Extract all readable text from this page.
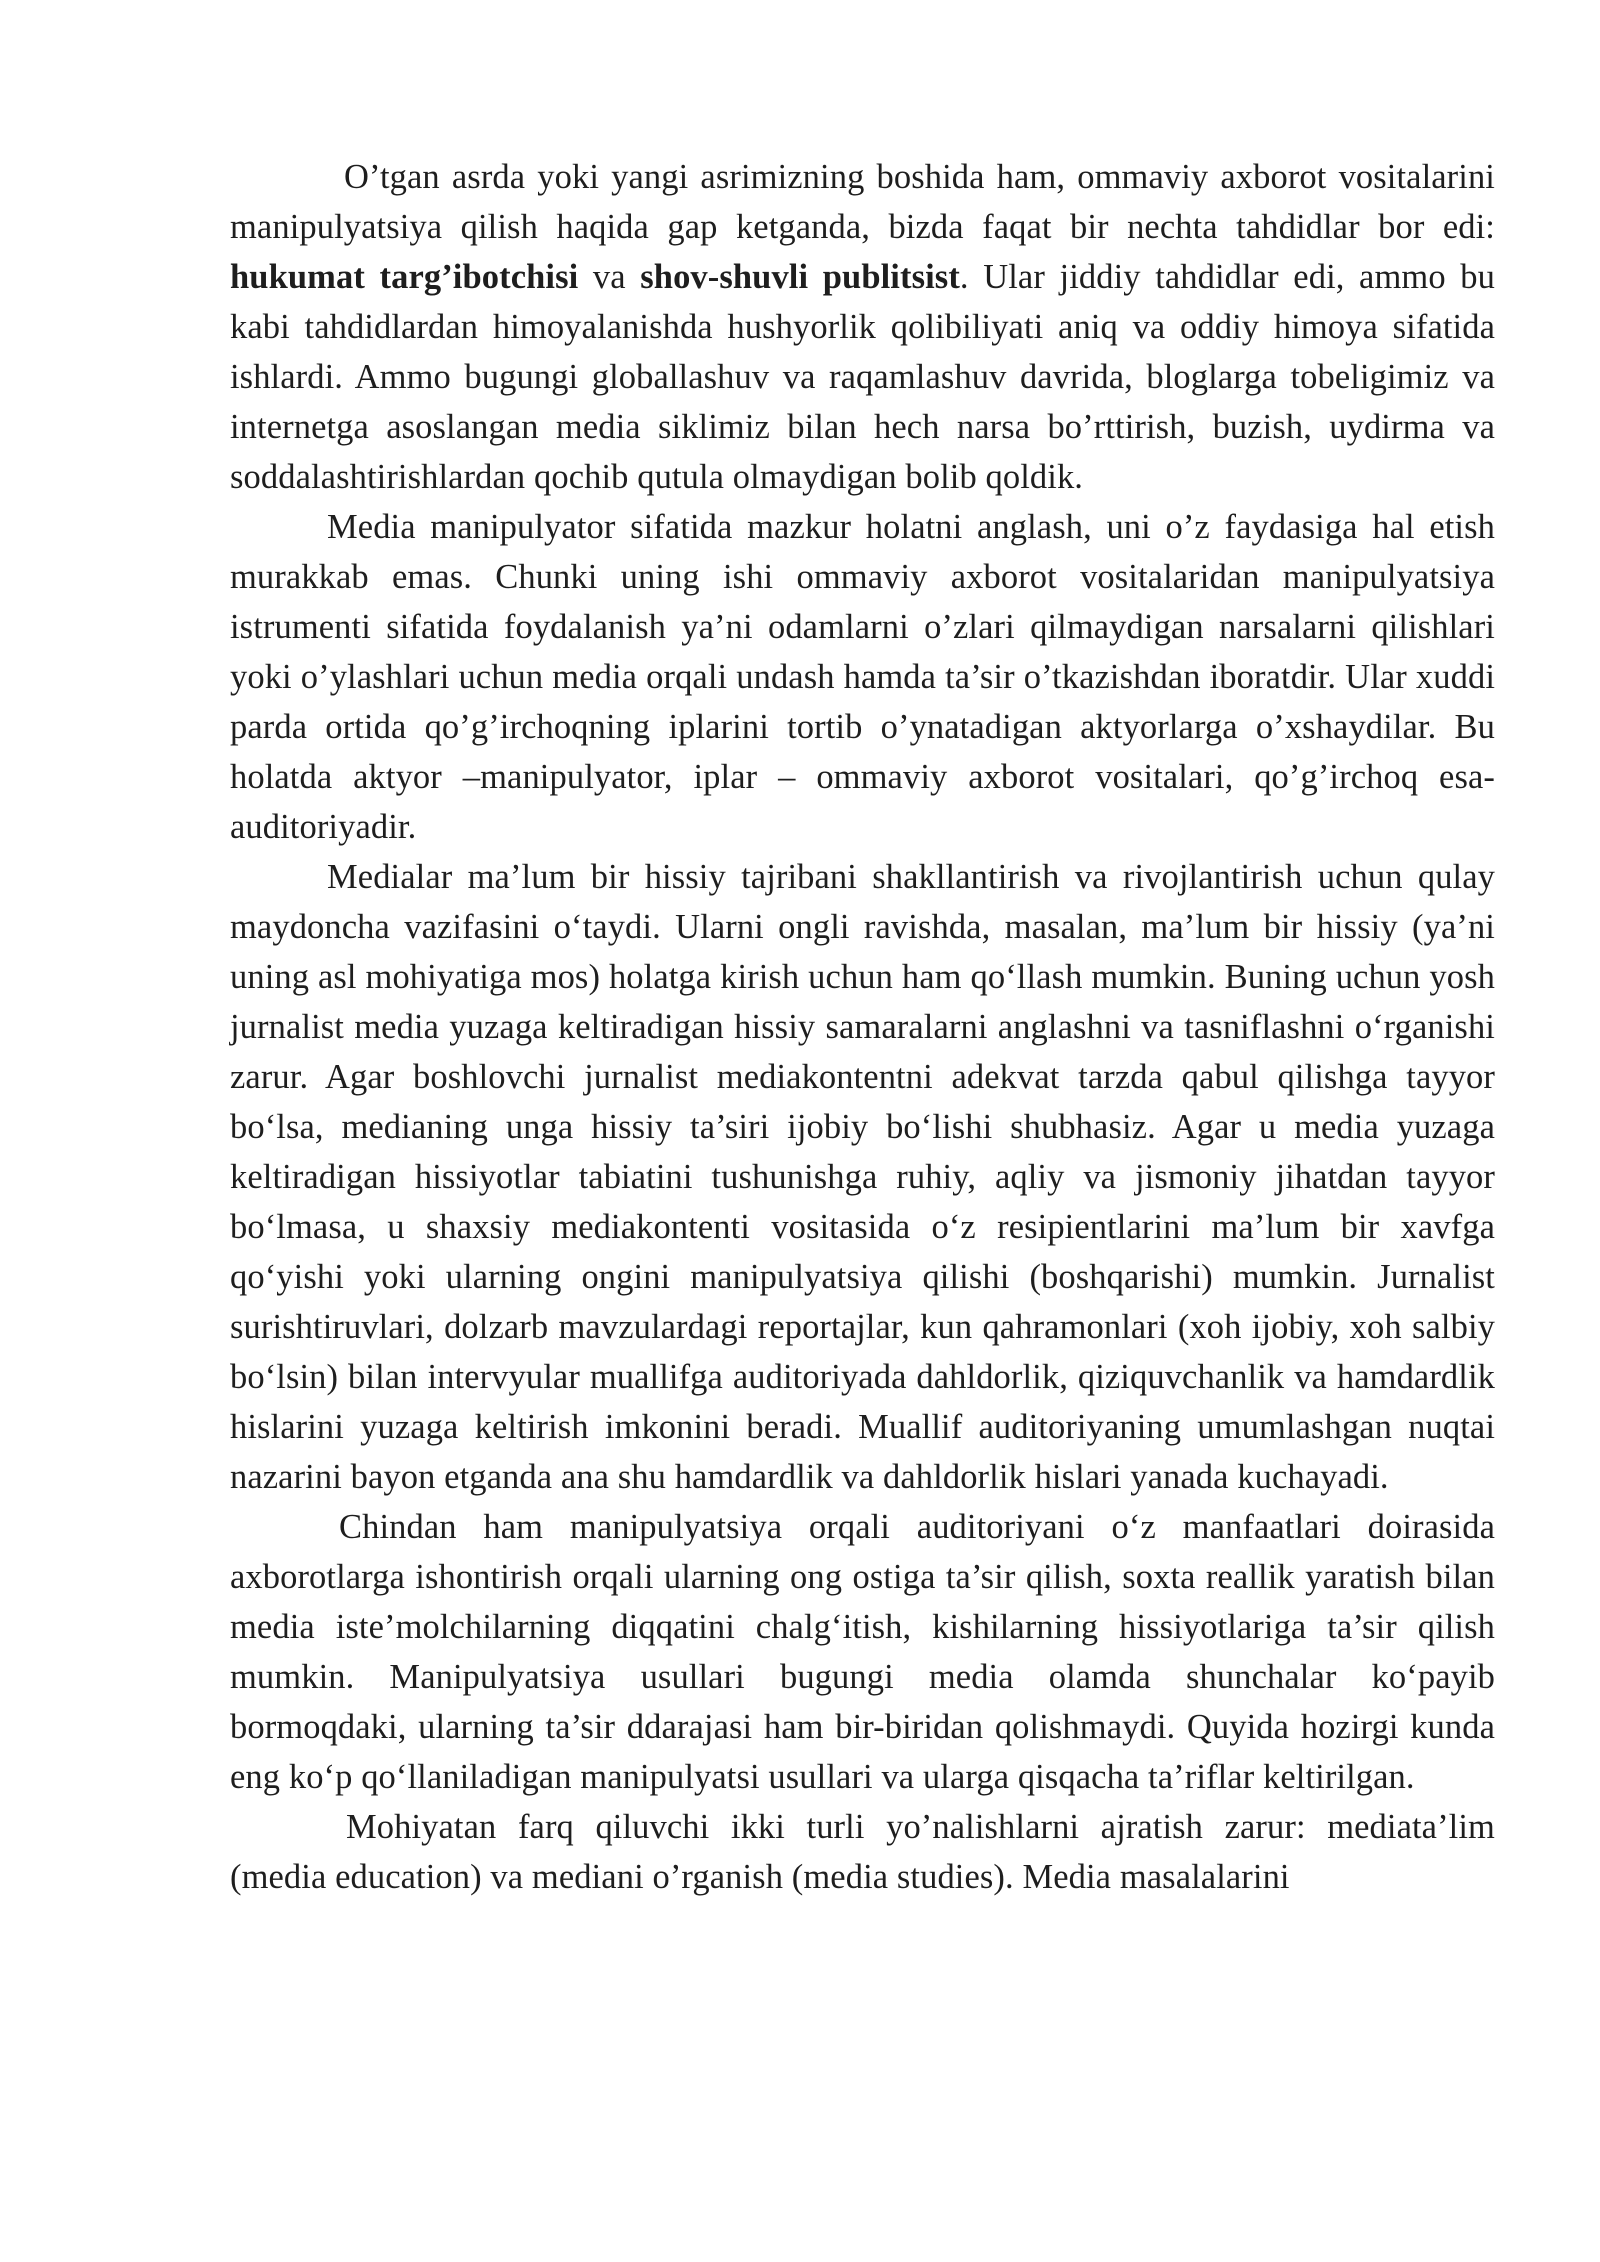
O’tgan asrda yoki yangi asrimizning boshida ham, ommaviy axborot vositalarini manipulyatsiya qilish haqida gap ketganda, bizda faqat bir nechta tahdidlar bor edi: hukumat targ’ibotchisi va shov-shuvli publitsist. Ular jiddiy tahdidlar edi, ammo bu kabi tahdidlardan himoyalanishda hushyorlik qolibiliyati aniq va oddiy himoya sifatida ishlardi. Ammo bugungi globallashuv va raqamlashuv davrida, bloglarga tobeligimiz va internetga asoslangan media siklimiz bilan hech narsa bo’rttirish, buzish, uydirma va soddalashtirishlardan qochib qutula olmaydigan bolib qoldik.

Media manipulyator sifatida mazkur holatni anglash, uni o’z faydasiga hal etish murakkab emas. Chunki uning ishi ommaviy axborot vositalaridan manipulyatsiya istrumenti sifatida foydalanish ya’ni odamlarni o’zlari qilmaydigan narsalarni qilishlari yoki o’ylashlari uchun media orqali undash hamda ta’sir o’tkazishdan iboratdir. Ular xuddi parda ortida qo’g’irchoqning iplarini tortib o’ynatadigan aktyorlarga o’xshaydilar. Bu holatda aktyor –manipulyator, iplar – ommaviy axborot vositalari, qo’g’irchoq esa- auditoriyadir.

Medialar ma’lum bir hissiy tajribani shakllantirish va rivojlantirish uchun qulay maydoncha vazifasini o‘taydi. Ularni ongli ravishda, masalan, ma’lum bir hissiy (ya’ni uning asl mohiyatiga mos) holatga kirish uchun ham qo‘llash mumkin. Buning uchun yosh jurnalist media yuzaga keltiradigan hissiy samaralarni anglashni va tasniflashni o‘rganishi zarur. Agar boshlovchi jurnalist mediakontentni adekvat tarzda qabul qilishga tayyor bo‘lsa, medianing unga hissiy ta’siri ijobiy bo‘lishi shubhasiz. Agar u media yuzaga keltiradigan hissiyotlar tabiatini tushunishga ruhiy, aqliy va jismoniy jihatdan tayyor bo‘lmasa, u shaxsiy mediakontenti vositasida o‘z resipientlarini ma’lum bir xavfga qo‘yishi yoki ularning ongini manipulyatsiya qilishi (boshqarishi) mumkin. Jurnalist surishtiruvlari, dolzarb mavzulardagi reportajlar, kun qahramonlari (xoh ijobiy, xoh salbiy bo‘lsin) bilan intervyular muallifga auditoriyada dahldorlik, qiziquvchanlik va hamdardlik hislarini yuzaga keltirish imkonini beradi. Muallif auditoriyaning umumlashgan nuqtai nazarini bayon etganda ana shu hamdardlik va dahldorlik hislari yanada kuchayadi.

Chindan ham manipulyatsiya orqali auditoriyani o‘z manfaatlari doirasida axborotlarga ishontirish orqali ularning ong ostiga ta’sir qilish, soxta reallik yaratish bilan media iste’molchilarning diqqatini chalg‘itish, kishilarning hissiyotlariga ta’sir qilish mumkin. Manipulyatsiya usullari bugungi media olamda shunchalar ko‘payib bormoqdaki, ularning ta’sir ddarajasi ham bir-biridan qolishmaydi. Quyida hozirgi kunda eng ko‘p qo‘llaniladigan manipulyatsi usullari va ularga qisqacha ta’riflar keltirilgan.

Mohiyatan farq qiluvchi ikki turli yo’nalishlarni ajratish zarur: mediata’lim (media education) va mediani o’rganish (media studies). Media masalalarini
